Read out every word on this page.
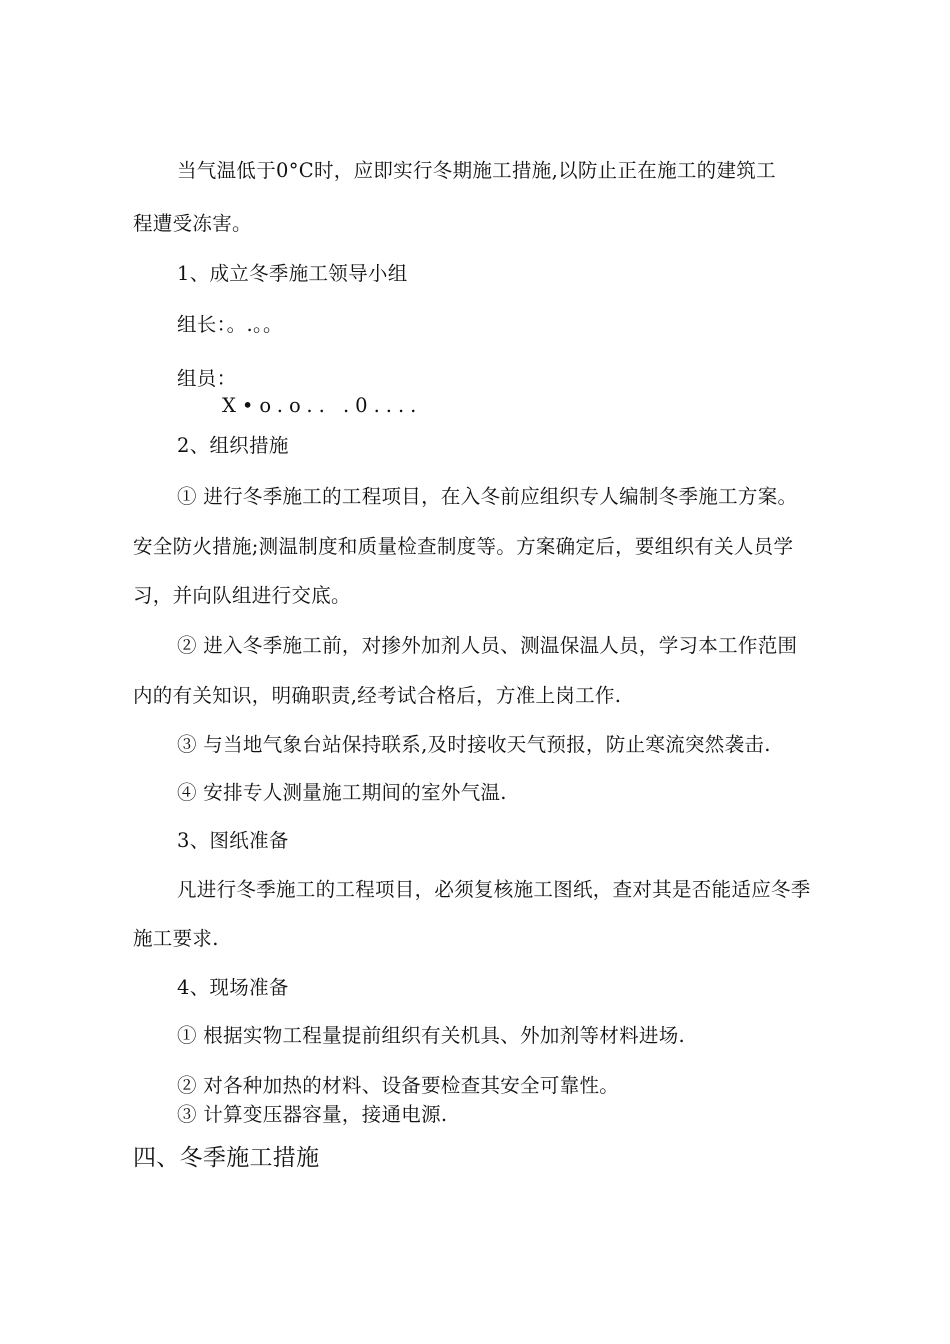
当气温低于0°C时，应即实行冬期施工措施,以防止正在施工的建筑工
程遭受冻害。
1、成立冬季施工领导小组
组长：。.。。
组员：
X•o.o.. .0....
2、组织措施
① 进行冬季施工的工程项目，在入冬前应组织专人编制冬季施工方案。
安全防火措施;测温制度和质量检查制度等。方案确定后，要组织有关人员学
习，并向队组进行交底。
② 进入冬季施工前，对掺外加剂人员、测温保温人员，学习本工作范围
内的有关知识，明确职责,经考试合格后，方准上岗工作.
③ 与当地气象台站保持联系,及时接收天气预报，防止寒流突然袭击.
④ 安排专人测量施工期间的室外气温.
3、图纸准备
凡进行冬季施工的工程项目，必须复核施工图纸，查对其是否能适应冬季
施工要求.
4、现场准备
① 根据实物工程量提前组织有关机具、外加剂等材料进场.
② 对各种加热的材料、设备要检查其安全可靠性。
③ 计算变压器容量，接通电源.
四、冬季施工措施
